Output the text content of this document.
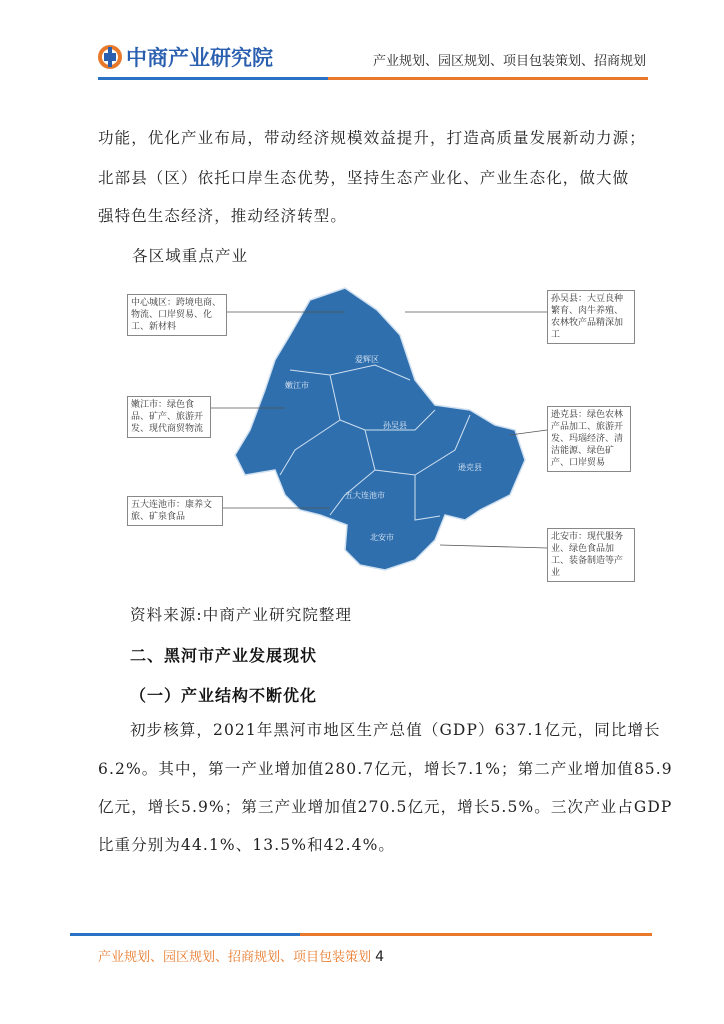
中商产业研究院	产业规划、园区规划、项目包装策划、招商规划
功能，优化产业布局，带动经济规模效益提升，打造高质量发展新动力源；
北部县（区）依托口岸生态优势，坚持生态产业化、产业生态化，做大做
强特色生态经济，推动经济转型。
各区域重点产业
爱辉区
嫩江市
孙吴县
逊克县
五大连池市
北安市
中心城区：跨境电商、物流、口岸贸易、化工、新材料
嫩江市：绿色食品、矿产、旅游开发、现代商贸物流
五大连池市：康养文旅、矿泉食品
孙吴县：大豆良种繁育、肉牛养殖、农林牧产品精深加工
逊克县：绿色农林产品加工、旅游开发、玛瑙经济、清洁能源、绿色矿产、口岸贸易
北安市：现代服务业、绿色食品加工、装备制造等产业
资料来源:中商产业研究院整理
二、黑河市产业发展现状
（一）产业结构不断优化
初步核算，2021年黑河市地区生产总值（GDP）637.1亿元，同比增长
6.2%。其中，第一产业增加值280.7亿元，增长7.1%；第二产业增加值85.9
亿元，增长5.9%；第三产业增加值270.5亿元，增长5.5%。三次产业占GDP
比重分别为44.1%、13.5%和42.4%。
产业规划、园区规划、招商规划、项目包装策划 4
